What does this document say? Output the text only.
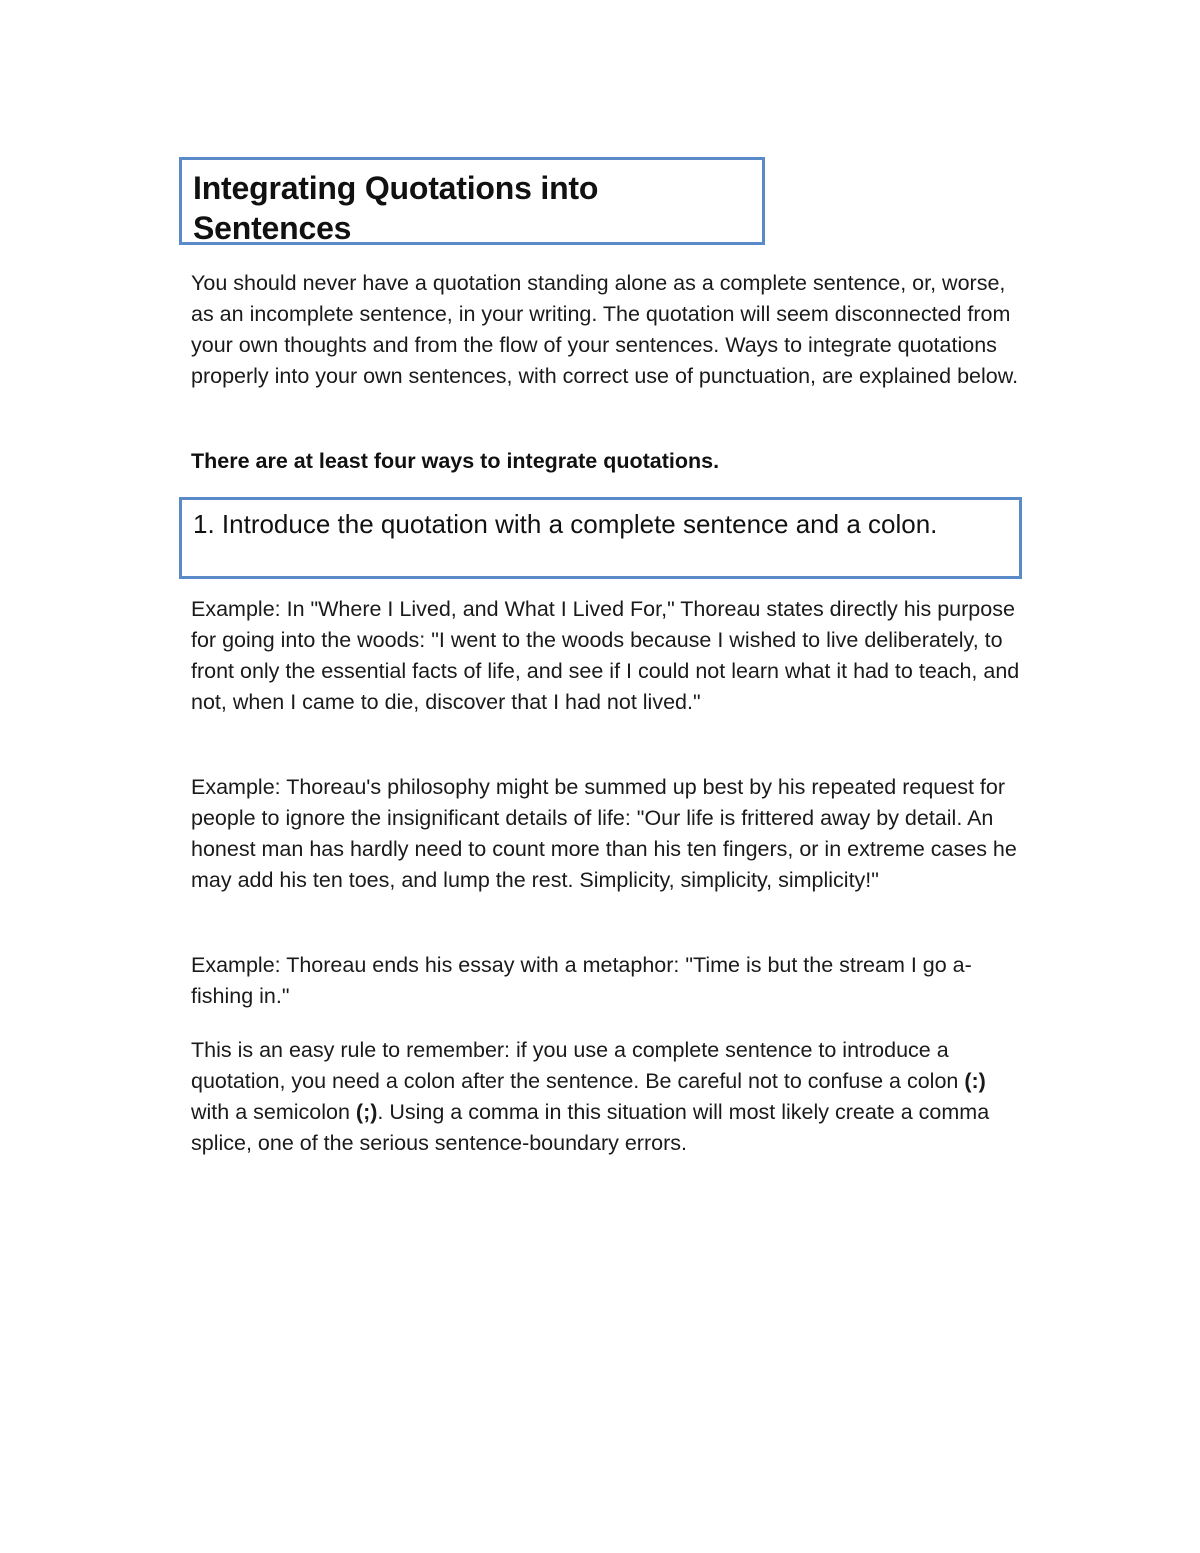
Integrating Quotations into Sentences

You should never have a quotation standing alone as a complete sentence, or, worse, as an incomplete sentence, in your writing. The quotation will seem disconnected from your own thoughts and from the flow of your sentences. Ways to integrate quotations properly into your own sentences, with correct use of punctuation, are explained below.

There are at least four ways to integrate quotations.

1. Introduce the quotation with a complete sentence and a colon.

Example: In "Where I Lived, and What I Lived For," Thoreau states directly his purpose for going into the woods: "I went to the woods because I wished to live deliberately, to front only the essential facts of life, and see if I could not learn what it had to teach, and not, when I came to die, discover that I had not lived."

Example: Thoreau's philosophy might be summed up best by his repeated request for people to ignore the insignificant details of life: "Our life is frittered away by detail. An honest man has hardly need to count more than his ten fingers, or in extreme cases he may add his ten toes, and lump the rest. Simplicity, simplicity, simplicity!"

Example: Thoreau ends his essay with a metaphor: "Time is but the stream I go a-fishing in."

This is an easy rule to remember: if you use a complete sentence to introduce a quotation, you need a colon after the sentence. Be careful not to confuse a colon (:) with a semicolon (;). Using a comma in this situation will most likely create a comma splice, one of the serious sentence-boundary errors.
